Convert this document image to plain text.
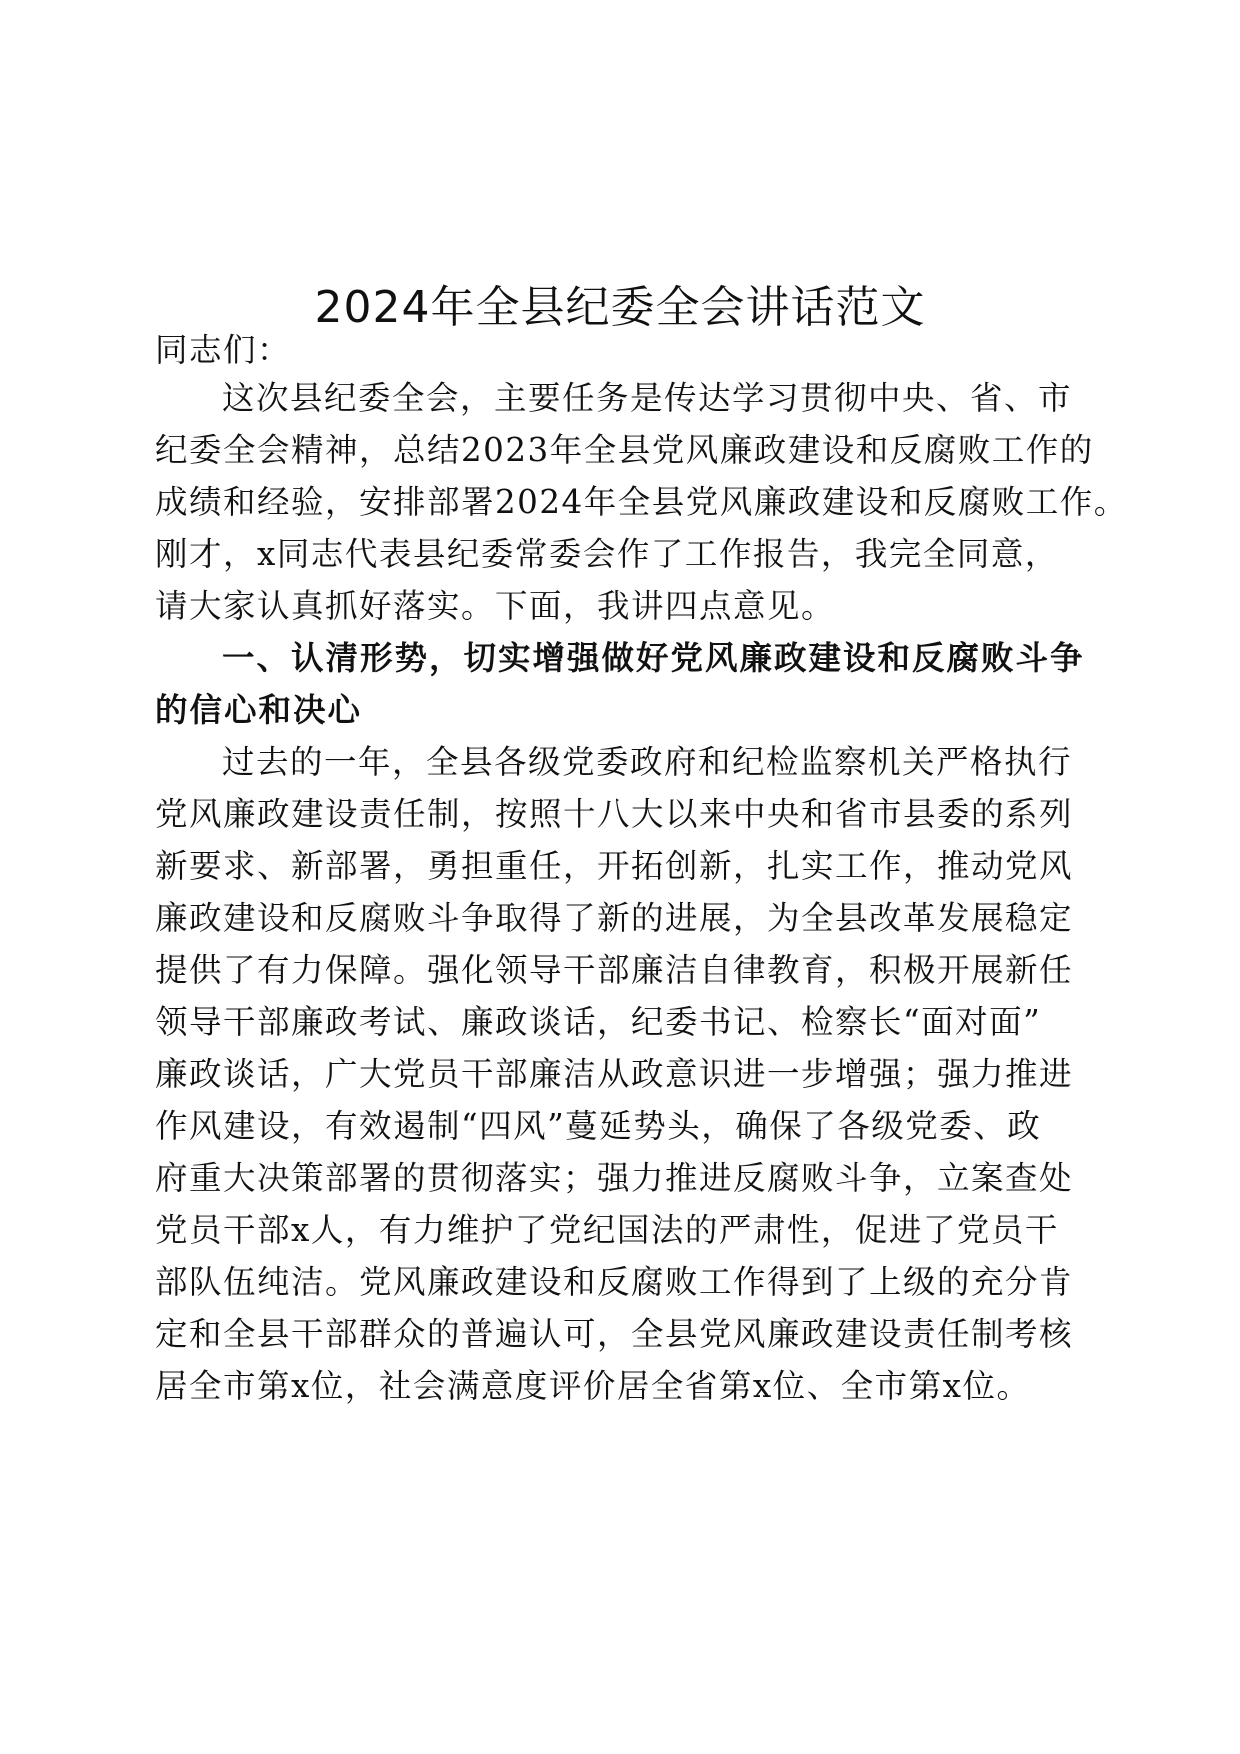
2024年全县纪委全会讲话范文
同志们：
这次县纪委全会，主要任务是传达学习贯彻中央、省、市
纪委全会精神，总结2023年全县党风廉政建设和反腐败工作的
成绩和经验，安排部署2024年全县党风廉政建设和反腐败工作。
刚才，x同志代表县纪委常委会作了工作报告，我完全同意，
请大家认真抓好落实。下面，我讲四点意见。
一、认清形势，切实增强做好党风廉政建设和反腐败斗争
的信心和决心
过去的一年，全县各级党委政府和纪检监察机关严格执行
党风廉政建设责任制，按照十八大以来中央和省市县委的系列
新要求、新部署，勇担重任，开拓创新，扎实工作，推动党风
廉政建设和反腐败斗争取得了新的进展，为全县改革发展稳定
提供了有力保障。强化领导干部廉洁自律教育，积极开展新任
领导干部廉政考试、廉政谈话，纪委书记、检察长“面对面”
廉政谈话，广大党员干部廉洁从政意识进一步增强；强力推进
作风建设，有效遏制“四风”蔓延势头，确保了各级党委、政
府重大决策部署的贯彻落实；强力推进反腐败斗争，立案查处
党员干部x人，有力维护了党纪国法的严肃性，促进了党员干
部队伍纯洁。党风廉政建设和反腐败工作得到了上级的充分肯
定和全县干部群众的普遍认可，全县党风廉政建设责任制考核
居全市第x位，社会满意度评价居全省第x位、全市第x位。
